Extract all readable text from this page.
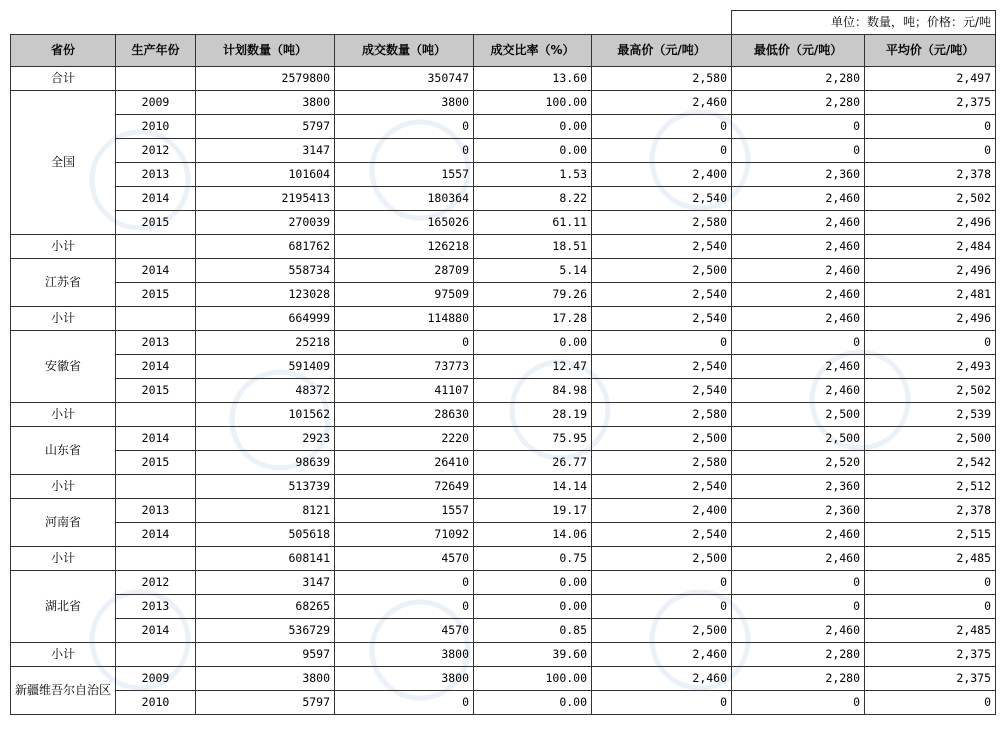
						单位：数量，吨；价格：元/吨	
省份	生产年份	计划数量（吨）	成交数量（吨）	成交比率（%）	最高价（元/吨）	最低价（元/吨）	平均价（元/吨）
合计		2579800	350747	13.60	2,580	2,280	2,497
全国	2009	3800	3800	100.00	2,460	2,280	2,375
	2010	5797	0	0.00	0	0	0
	2012	3147	0	0.00	0	0	0
	2013	101604	1557	1.53	2,400	2,360	2,378
	2014	2195413	180364	8.22	2,540	2,460	2,502
	2015	270039	165026	61.11	2,580	2,460	2,496
小计		681762	126218	18.51	2,540	2,460	2,484
江苏省	2014	558734	28709	5.14	2,500	2,460	2,496
	2015	123028	97509	79.26	2,540	2,460	2,481
小计		664999	114880	17.28	2,540	2,460	2,496
安徽省	2013	25218	0	0.00	0	0	0
	2014	591409	73773	12.47	2,540	2,460	2,493
	2015	48372	41107	84.98	2,540	2,460	2,502
小计		101562	28630	28.19	2,580	2,500	2,539
山东省	2014	2923	2220	75.95	2,500	2,500	2,500
	2015	98639	26410	26.77	2,580	2,520	2,542
小计		513739	72649	14.14	2,540	2,360	2,512
河南省	2013	8121	1557	19.17	2,400	2,360	2,378
	2014	505618	71092	14.06	2,540	2,460	2,515
小计		608141	4570	0.75	2,500	2,460	2,485
湖北省	2012	3147	0	0.00	0	0	0
	2013	68265	0	0.00	0	0	0
	2014	536729	4570	0.85	2,500	2,460	2,485
小计		9597	3800	39.60	2,460	2,280	2,375
新疆维吾尔自治区	2009	3800	3800	100.00	2,460	2,280	2,375
	2010	5797	0	0.00	0	0	0
